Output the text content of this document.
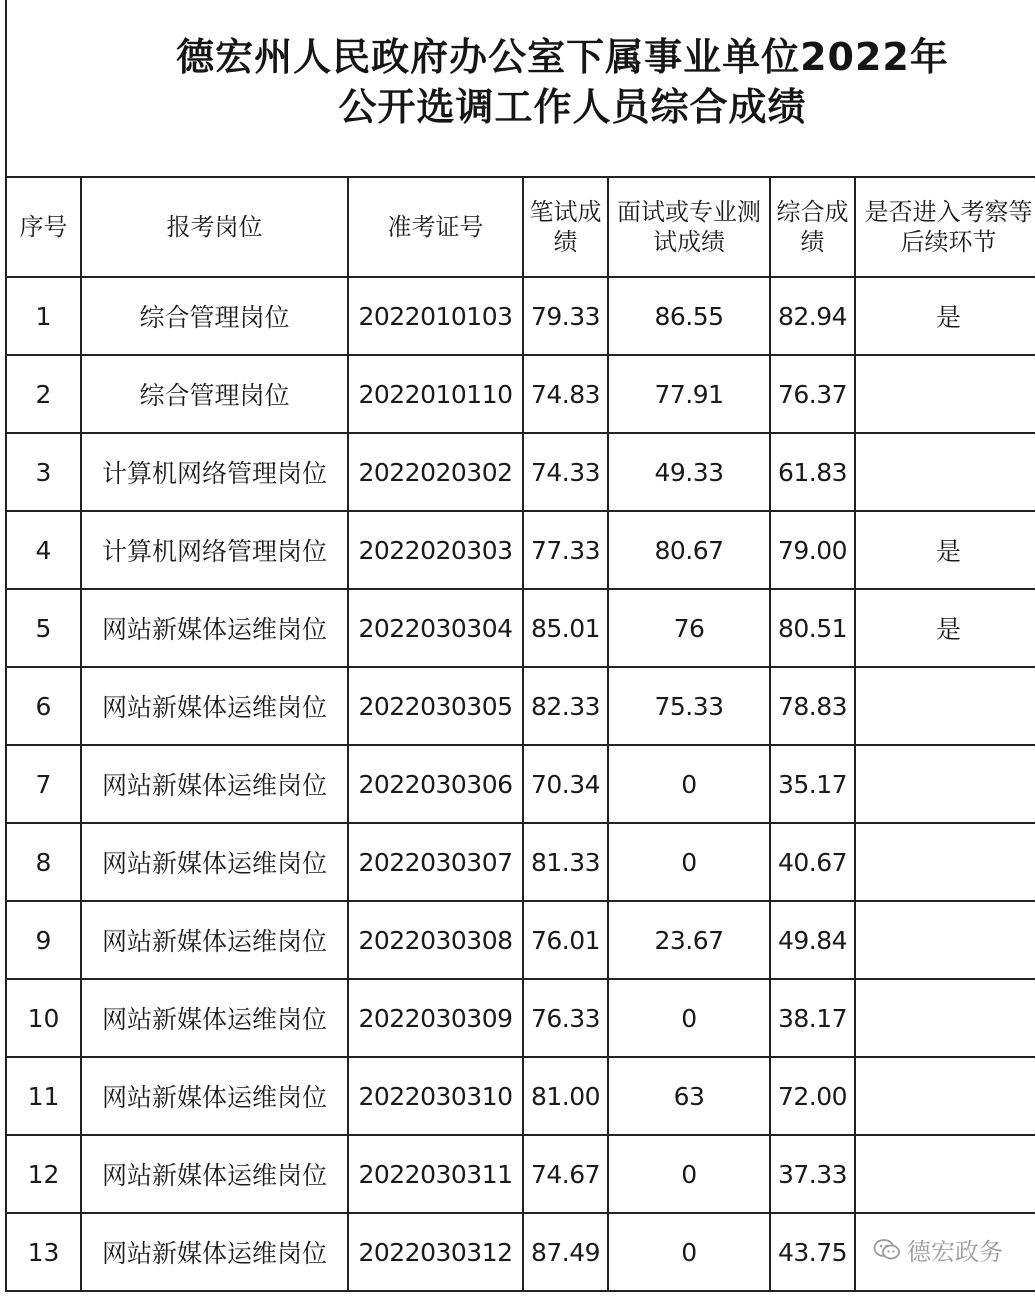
德宏州人民政府办公室下属事业单位2022年
公开选调工作人员综合成绩
序号	报考岗位	准考证号	笔试成绩	面试或专业测试成绩	综合成绩	是否进入考察等后续环节
1	综合管理岗位	2022010103	79.33	86.55	82.94	是
2	综合管理岗位	2022010110	74.83	77.91	76.37	
3	计算机网络管理岗位	2022020302	74.33	49.33	61.83	
4	计算机网络管理岗位	2022020303	77.33	80.67	79.00	是
5	网站新媒体运维岗位	2022030304	85.01	76	80.51	是
6	网站新媒体运维岗位	2022030305	82.33	75.33	78.83	
7	网站新媒体运维岗位	2022030306	70.34	0	35.17	
8	网站新媒体运维岗位	2022030307	81.33	0	40.67	
9	网站新媒体运维岗位	2022030308	76.01	23.67	49.84	
10	网站新媒体运维岗位	2022030309	76.33	0	38.17	
11	网站新媒体运维岗位	2022030310	81.00	63	72.00	
12	网站新媒体运维岗位	2022030311	74.67	0	37.33	
13	网站新媒体运维岗位	2022030312	87.49	0	43.75	德宏政务
